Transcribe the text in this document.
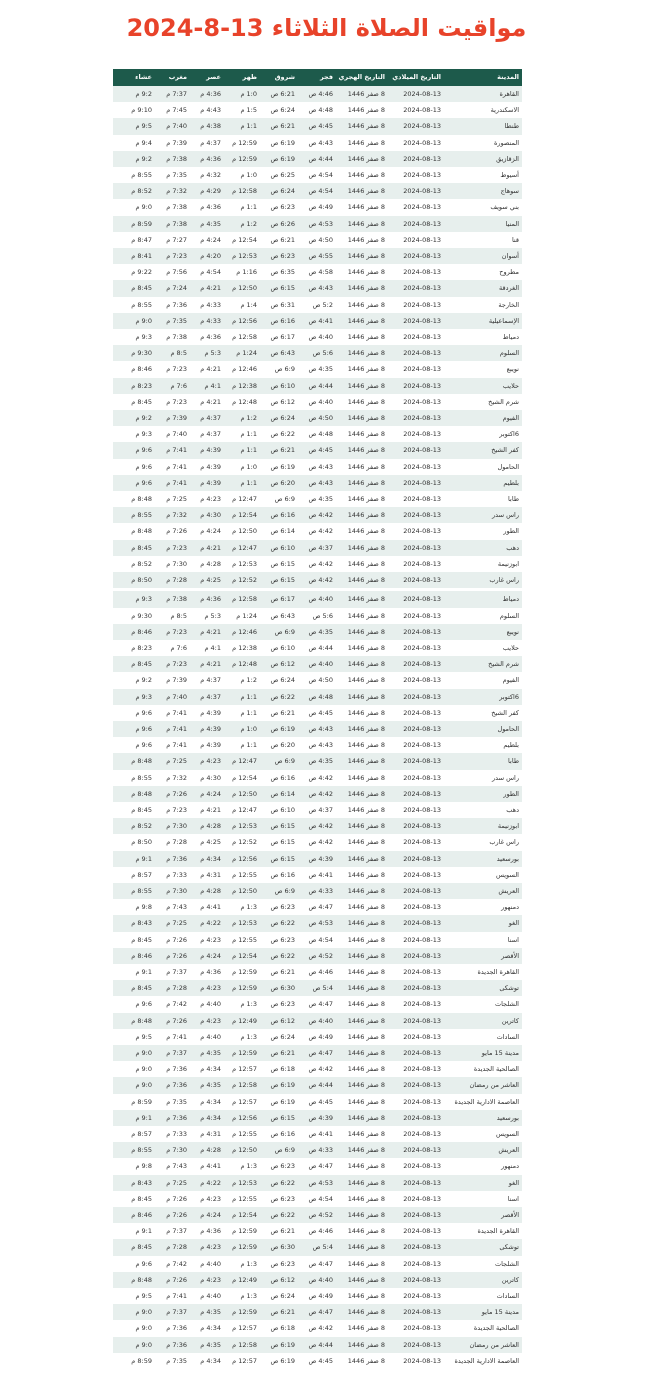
مواقيت الصلاة الثلاثاء 13-8-2024
المدينة	التاريخ الميلادي	التاريخ الهجري	فجر	شروق	ظهر	عصر	مغرب	عشاء
القاهرة	2024-08-13	8 صفر 1446	4:46 ص	6:21 ص	1:0 م	4:36 م	7:37 م	9:2 م
الاسكندرية	2024-08-13	8 صفر 1446	4:48 ص	6:24 ص	1:5 م	4:43 م	7:45 م	9:10 م
طنطا	2024-08-13	8 صفر 1446	4:45 ص	6:21 ص	1:1 م	4:38 م	7:40 م	9:5 م
المنصورة	2024-08-13	8 صفر 1446	4:43 ص	6:19 ص	12:59 م	4:37 م	7:39 م	9:4 م
الزقازيق	2024-08-13	8 صفر 1446	4:44 ص	6:19 ص	12:59 م	4:36 م	7:38 م	9:2 م
أسيوط	2024-08-13	8 صفر 1446	4:54 ص	6:25 ص	1:0 م	4:32 م	7:35 م	8:55 م
سوهاج	2024-08-13	8 صفر 1446	4:54 ص	6:24 ص	12:58 م	4:29 م	7:32 م	8:52 م
بني سويف	2024-08-13	8 صفر 1446	4:49 ص	6:23 ص	1:1 م	4:36 م	7:38 م	9:0 م
المنيا	2024-08-13	8 صفر 1446	4:53 ص	6:26 ص	1:2 م	4:35 م	7:38 م	8:59 م
قنا	2024-08-13	8 صفر 1446	4:50 ص	6:21 ص	12:54 م	4:24 م	7:27 م	8:47 م
أسوان	2024-08-13	8 صفر 1446	4:55 ص	6:23 ص	12:53 م	4:20 م	7:23 م	8:41 م
مطروح	2024-08-13	8 صفر 1446	4:58 ص	6:35 ص	1:16 م	4:54 م	7:56 م	9:22 م
الغردقة	2024-08-13	8 صفر 1446	4:43 ص	6:15 ص	12:50 م	4:21 م	7:24 م	8:45 م
الخارجة	2024-08-13	8 صفر 1446	5:2 ص	6:31 ص	1:4 م	4:33 م	7:36 م	8:55 م
الإسماعيلية	2024-08-13	8 صفر 1446	4:41 ص	6:16 ص	12:56 م	4:33 م	7:35 م	9:0 م
دمياط	2024-08-13	8 صفر 1446	4:40 ص	6:17 ص	12:58 م	4:36 م	7:38 م	9:3 م
السلوم	2024-08-13	8 صفر 1446	5:6 ص	6:43 ص	1:24 م	5:3 م	8:5 م	9:30 م
نويبع	2024-08-13	8 صفر 1446	4:35 ص	6:9 ص	12:46 م	4:21 م	7:23 م	8:46 م
حلايب	2024-08-13	8 صفر 1446	4:44 ص	6:10 ص	12:38 م	4:1 م	7:6 م	8:23 م
شرم الشيخ	2024-08-13	8 صفر 1446	4:40 ص	6:12 ص	12:48 م	4:21 م	7:23 م	8:45 م
الفيوم	2024-08-13	8 صفر 1446	4:50 ص	6:24 ص	1:2 م	4:37 م	7:39 م	9:2 م
6اكتوبر	2024-08-13	8 صفر 1446	4:48 ص	6:22 ص	1:1 م	4:37 م	7:40 م	9:3 م
كفر الشيخ	2024-08-13	8 صفر 1446	4:45 ص	6:21 ص	1:1 م	4:39 م	7:41 م	9:6 م
الحامول	2024-08-13	8 صفر 1446	4:43 ص	6:19 ص	1:0 م	4:39 م	7:41 م	9:6 م
بلطيم	2024-08-13	8 صفر 1446	4:43 ص	6:20 ص	1:1 م	4:39 م	7:41 م	9:6 م
طابا	2024-08-13	8 صفر 1446	4:35 ص	6:9 ص	12:47 م	4:23 م	7:25 م	8:48 م
راس سدر	2024-08-13	8 صفر 1446	4:42 ص	6:16 ص	12:54 م	4:30 م	7:32 م	8:55 م
الطور	2024-08-13	8 صفر 1446	4:42 ص	6:14 ص	12:50 م	4:24 م	7:26 م	8:48 م
دهب	2024-08-13	8 صفر 1446	4:37 ص	6:10 ص	12:47 م	4:21 م	7:23 م	8:45 م
ابوزنيمة	2024-08-13	8 صفر 1446	4:42 ص	6:15 ص	12:53 م	4:28 م	7:30 م	8:52 م
راس غارب	2024-08-13	8 صفر 1446	4:42 ص	6:15 ص	12:52 م	4:25 م	7:28 م	8:50 م
دمياط	2024-08-13	8 صفر 1446	4:40 ص	6:17 ص	12:58 م	4:36 م	7:38 م	9:3 م
السلوم	2024-08-13	8 صفر 1446	5:6 ص	6:43 ص	1:24 م	5:3 م	8:5 م	9:30 م
نويبع	2024-08-13	8 صفر 1446	4:35 ص	6:9 ص	12:46 م	4:21 م	7:23 م	8:46 م
حلايب	2024-08-13	8 صفر 1446	4:44 ص	6:10 ص	12:38 م	4:1 م	7:6 م	8:23 م
شرم الشيخ	2024-08-13	8 صفر 1446	4:40 ص	6:12 ص	12:48 م	4:21 م	7:23 م	8:45 م
الفيوم	2024-08-13	8 صفر 1446	4:50 ص	6:24 ص	1:2 م	4:37 م	7:39 م	9:2 م
6اكتوبر	2024-08-13	8 صفر 1446	4:48 ص	6:22 ص	1:1 م	4:37 م	7:40 م	9:3 م
كفر الشيخ	2024-08-13	8 صفر 1446	4:45 ص	6:21 ص	1:1 م	4:39 م	7:41 م	9:6 م
الحامول	2024-08-13	8 صفر 1446	4:43 ص	6:19 ص	1:0 م	4:39 م	7:41 م	9:6 م
بلطيم	2024-08-13	8 صفر 1446	4:43 ص	6:20 ص	1:1 م	4:39 م	7:41 م	9:6 م
طابا	2024-08-13	8 صفر 1446	4:35 ص	6:9 ص	12:47 م	4:23 م	7:25 م	8:48 م
راس سدر	2024-08-13	8 صفر 1446	4:42 ص	6:16 ص	12:54 م	4:30 م	7:32 م	8:55 م
الطور	2024-08-13	8 صفر 1446	4:42 ص	6:14 ص	12:50 م	4:24 م	7:26 م	8:48 م
دهب	2024-08-13	8 صفر 1446	4:37 ص	6:10 ص	12:47 م	4:21 م	7:23 م	8:45 م
ابوزنيمة	2024-08-13	8 صفر 1446	4:42 ص	6:15 ص	12:53 م	4:28 م	7:30 م	8:52 م
راس غارب	2024-08-13	8 صفر 1446	4:42 ص	6:15 ص	12:52 م	4:25 م	7:28 م	8:50 م
بورسعيد	2024-08-13	8 صفر 1446	4:39 ص	6:15 ص	12:56 م	4:34 م	7:36 م	9:1 م
السويس	2024-08-13	8 صفر 1446	4:41 ص	6:16 ص	12:55 م	4:31 م	7:33 م	8:57 م
العريش	2024-08-13	8 صفر 1446	4:33 ص	6:9 ص	12:50 م	4:28 م	7:30 م	8:55 م
دمنهور	2024-08-13	8 صفر 1446	4:47 ص	6:23 ص	1:3 م	4:41 م	7:43 م	9:8 م
الغو	2024-08-13	8 صفر 1446	4:53 ص	6:22 ص	12:53 م	4:22 م	7:25 م	8:43 م
اسنا	2024-08-13	8 صفر 1446	4:54 ص	6:23 ص	12:55 م	4:23 م	7:26 م	8:45 م
الأقصر	2024-08-13	8 صفر 1446	4:52 ص	6:22 ص	12:54 م	4:24 م	7:26 م	8:46 م
القاهرة الجديدة	2024-08-13	8 صفر 1446	4:46 ص	6:21 ص	12:59 م	4:36 م	7:37 م	9:1 م
توشكى	2024-08-13	8 صفر 1446	5:4 ص	6:30 ص	12:59 م	4:23 م	7:28 م	8:45 م
الشلجات	2024-08-13	8 صفر 1446	4:47 ص	6:23 ص	1:3 م	4:40 م	7:42 م	9:6 م
كاترين	2024-08-13	8 صفر 1446	4:40 ص	6:12 ص	12:49 م	4:23 م	7:26 م	8:48 م
السادات	2024-08-13	8 صفر 1446	4:49 ص	6:24 ص	1:3 م	4:40 م	7:41 م	9:5 م
مدينة 15 مايو	2024-08-13	8 صفر 1446	4:47 ص	6:21 ص	12:59 م	4:35 م	7:37 م	9:0 م
الصالحية الجديدة	2024-08-13	8 صفر 1446	4:42 ص	6:18 ص	12:57 م	4:34 م	7:36 م	9:0 م
العاشر من رمضان	2024-08-13	8 صفر 1446	4:44 ص	6:19 ص	12:58 م	4:35 م	7:36 م	9:0 م
العاصمة الادارية الجديدة	2024-08-13	8 صفر 1446	4:45 ص	6:19 ص	12:57 م	4:34 م	7:35 م	8:59 م
بورسعيد	2024-08-13	8 صفر 1446	4:39 ص	6:15 ص	12:56 م	4:34 م	7:36 م	9:1 م
السويس	2024-08-13	8 صفر 1446	4:41 ص	6:16 ص	12:55 م	4:31 م	7:33 م	8:57 م
العريش	2024-08-13	8 صفر 1446	4:33 ص	6:9 ص	12:50 م	4:28 م	7:30 م	8:55 م
دمنهور	2024-08-13	8 صفر 1446	4:47 ص	6:23 ص	1:3 م	4:41 م	7:43 م	9:8 م
الغو	2024-08-13	8 صفر 1446	4:53 ص	6:22 ص	12:53 م	4:22 م	7:25 م	8:43 م
اسنا	2024-08-13	8 صفر 1446	4:54 ص	6:23 ص	12:55 م	4:23 م	7:26 م	8:45 م
الأقصر	2024-08-13	8 صفر 1446	4:52 ص	6:22 ص	12:54 م	4:24 م	7:26 م	8:46 م
القاهرة الجديدة	2024-08-13	8 صفر 1446	4:46 ص	6:21 ص	12:59 م	4:36 م	7:37 م	9:1 م
توشكى	2024-08-13	8 صفر 1446	5:4 ص	6:30 ص	12:59 م	4:23 م	7:28 م	8:45 م
الشلجات	2024-08-13	8 صفر 1446	4:47 ص	6:23 ص	1:3 م	4:40 م	7:42 م	9:6 م
كاترين	2024-08-13	8 صفر 1446	4:40 ص	6:12 ص	12:49 م	4:23 م	7:26 م	8:48 م
السادات	2024-08-13	8 صفر 1446	4:49 ص	6:24 ص	1:3 م	4:40 م	7:41 م	9:5 م
مدينة 15 مايو	2024-08-13	8 صفر 1446	4:47 ص	6:21 ص	12:59 م	4:35 م	7:37 م	9:0 م
الصالحية الجديدة	2024-08-13	8 صفر 1446	4:42 ص	6:18 ص	12:57 م	4:34 م	7:36 م	9:0 م
العاشر من رمضان	2024-08-13	8 صفر 1446	4:44 ص	6:19 ص	12:58 م	4:35 م	7:36 م	9:0 م
العاصمة الادارية الجديدة	2024-08-13	8 صفر 1446	4:45 ص	6:19 ص	12:57 م	4:34 م	7:35 م	8:59 م
